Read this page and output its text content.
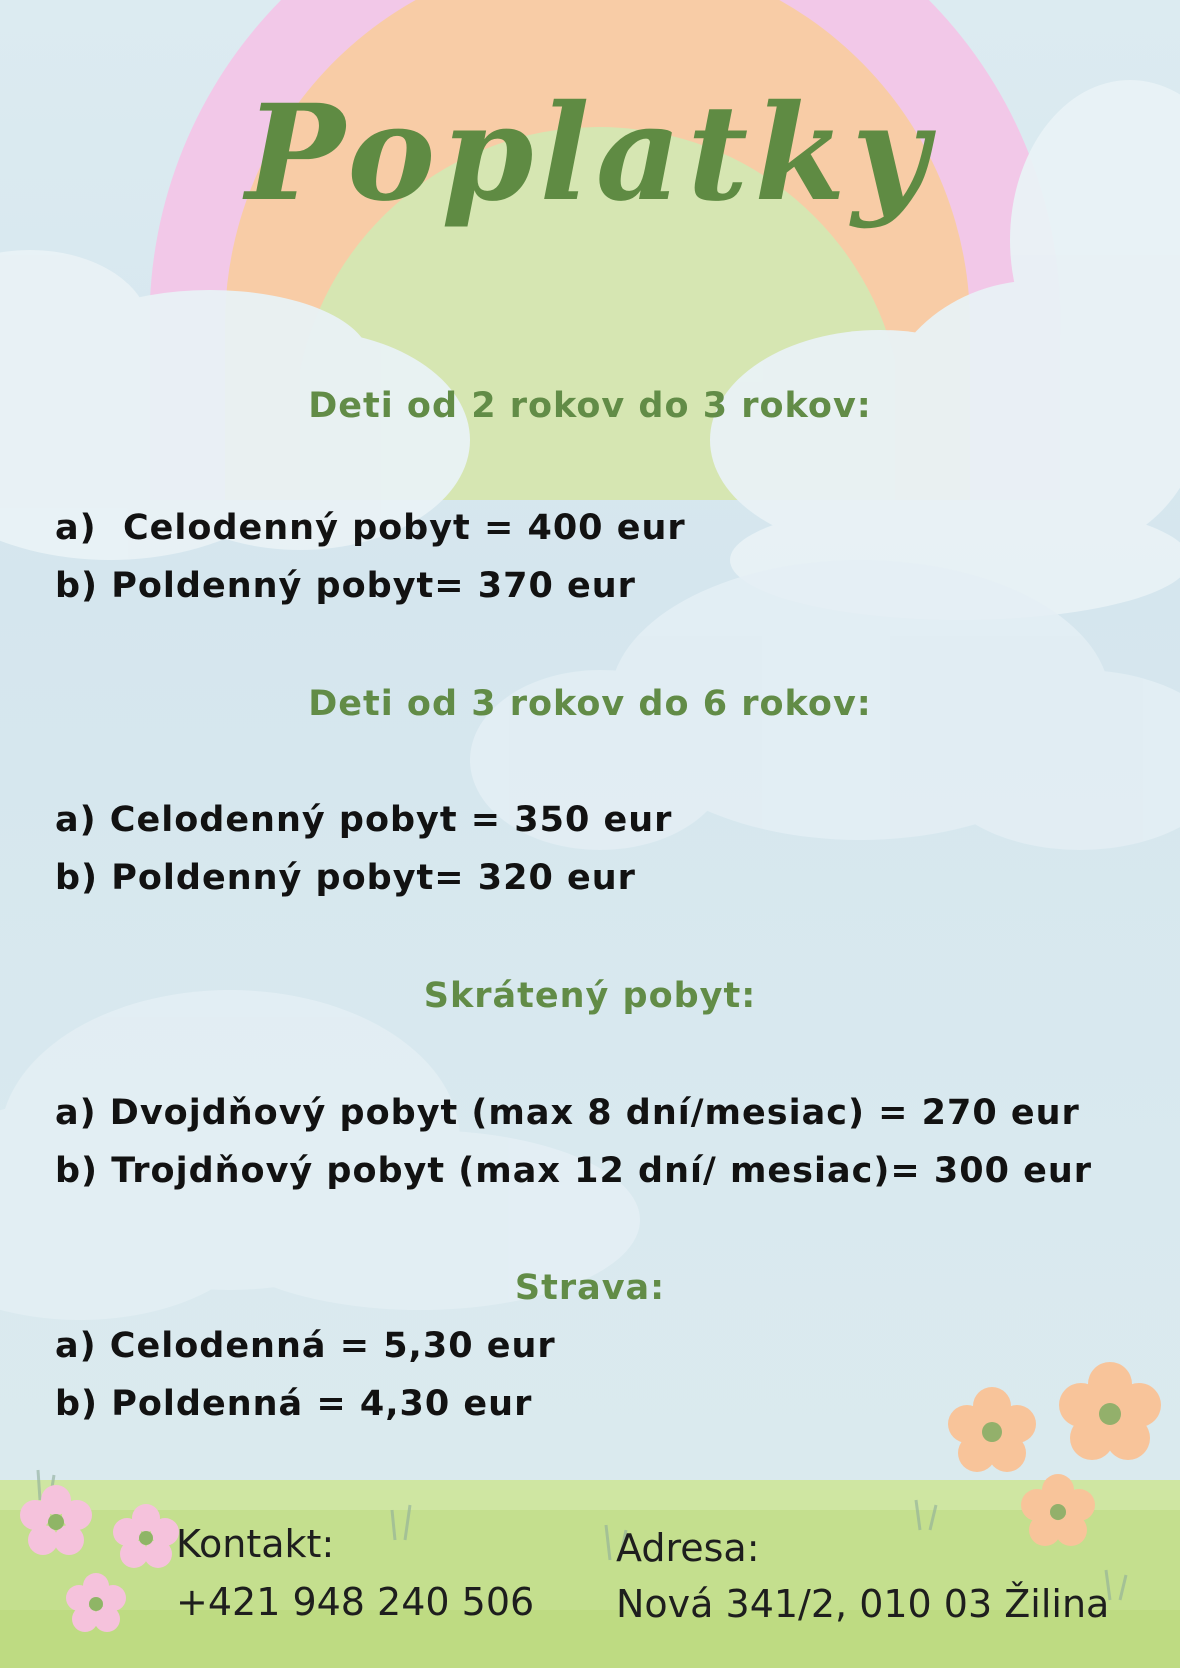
Poplatky
Deti od 2 rokov do 3 rokov:
a)  Celodenný pobyt = 400 eur
b) Poldenný pobyt= 370 eur
Deti od 3 rokov do 6 rokov:
a) Celodenný pobyt = 350 eur
b) Poldenný pobyt= 320 eur
Skrátený pobyt:
a) Dvojdňový pobyt (max 8 dní/mesiac) = 270 eur
b) Trojdňový pobyt (max 12 dní/ mesiac)= 300 eur
Strava:
a) Celodenná = 5,30 eur
b) Poldenná = 4,30 eur
Kontakt:
+421 948 240 506
Adresa:
Nová 341/2, 010 03 Žilina
